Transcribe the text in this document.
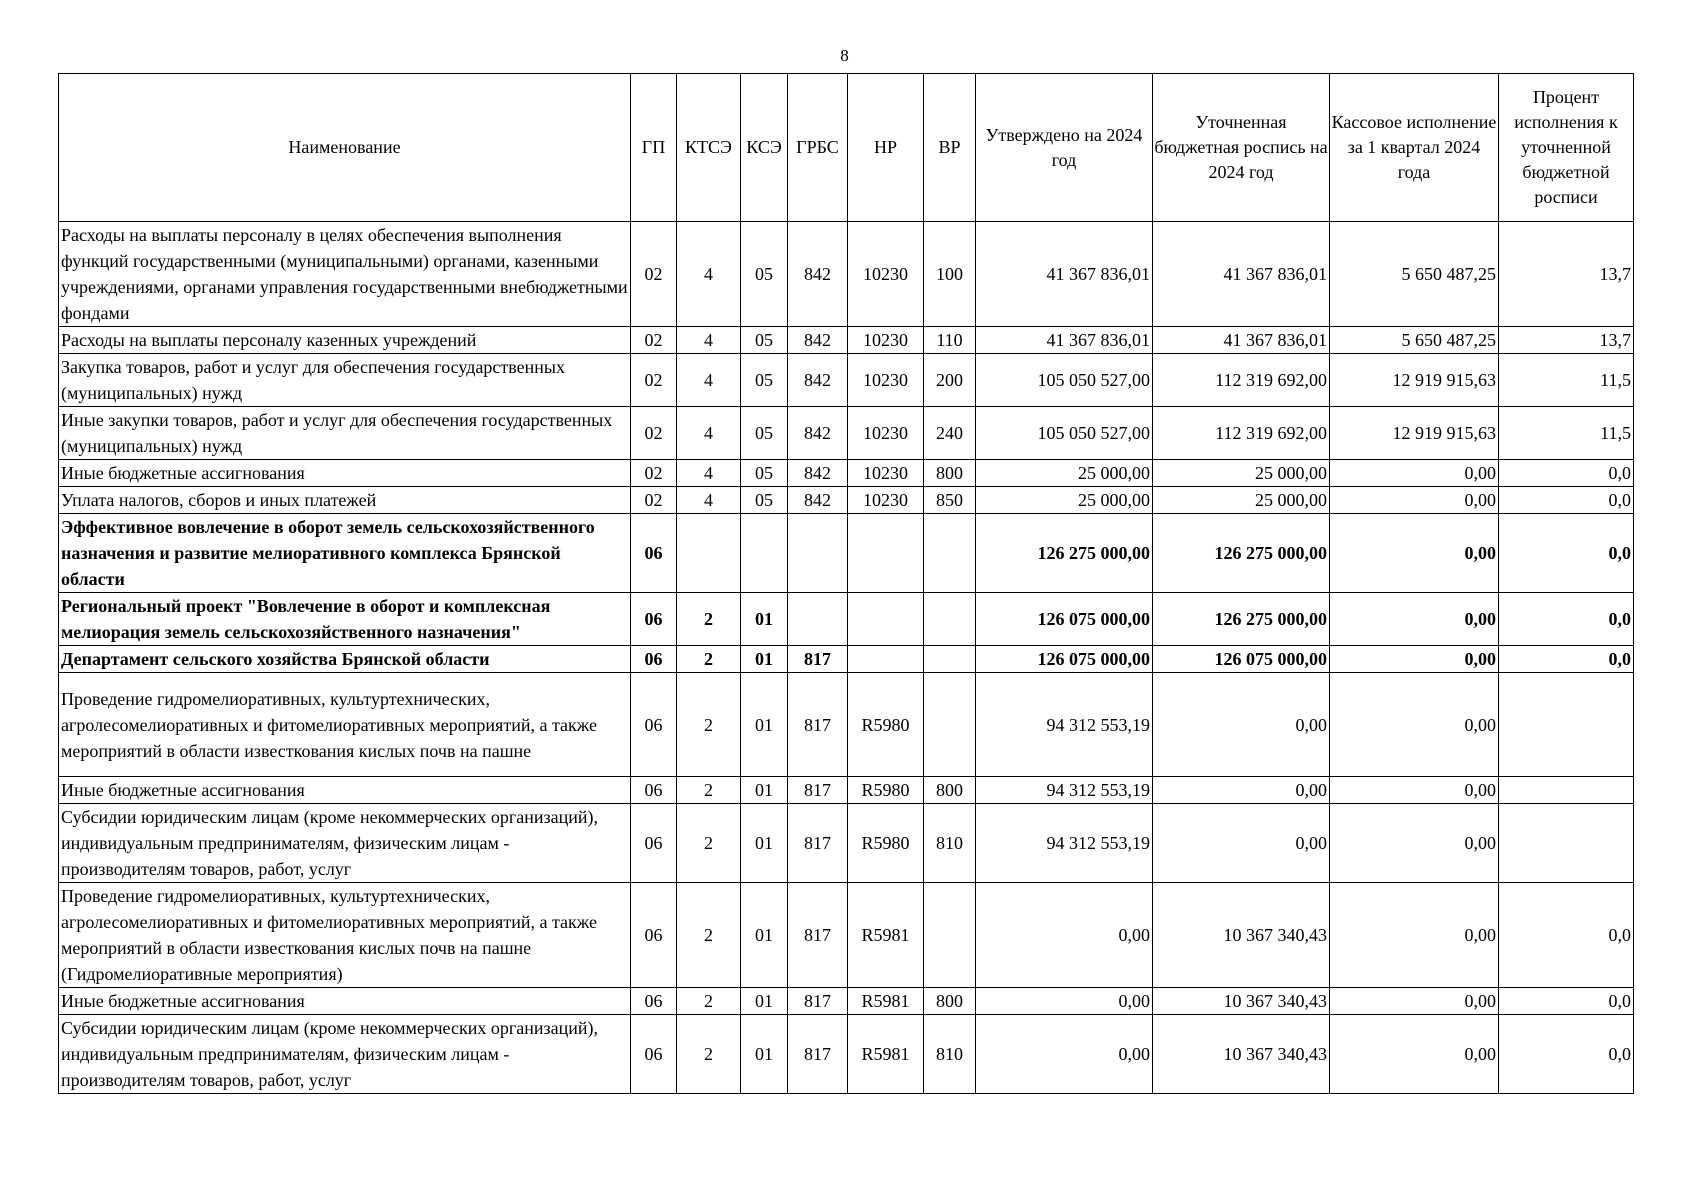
8
Наименование	ГП	КТСЭ	КСЭ	ГРБС	НР	ВР	Утверждено на 2024 год	Уточненная бюджетная роспись на 2024 год	Кассовое исполнение за 1 квартал 2024 года	Процент исполнения к уточненной бюджетной росписи
Расходы на выплаты персоналу в целях обеспечения выполнения функций государственными (муниципальными) органами, казенными учреждениями, органами управления государственными внебюджетными фондами	02	4	05	842	10230	100	41 367 836,01	41 367 836,01	5 650 487,25	13,7
Расходы на выплаты персоналу казенных учреждений	02	4	05	842	10230	110	41 367 836,01	41 367 836,01	5 650 487,25	13,7
Закупка товаров, работ и услуг для обеспечения государственных (муниципальных) нужд	02	4	05	842	10230	200	105 050 527,00	112 319 692,00	12 919 915,63	11,5
Иные закупки товаров, работ и услуг для обеспечения государственных (муниципальных) нужд	02	4	05	842	10230	240	105 050 527,00	112 319 692,00	12 919 915,63	11,5
Иные бюджетные ассигнования	02	4	05	842	10230	800	25 000,00	25 000,00	0,00	0,0
Уплата налогов, сборов и иных платежей	02	4	05	842	10230	850	25 000,00	25 000,00	0,00	0,0
Эффективное вовлечение в оборот земель сельскохозяйственного назначения и развитие мелиоративного комплекса Брянской области	06						126 275 000,00	126 275 000,00	0,00	0,0
Региональный проект "Вовлечение в оборот и комплексная мелиорация земель сельскохозяйственного назначения"	06	2	01				126 075 000,00	126 275 000,00	0,00	0,0
Департамент сельского хозяйства Брянской области	06	2	01	817			126 075 000,00	126 075 000,00	0,00	0,0
Проведение гидромелиоративных, культуртехнических, агролесомелиоративных и фитомелиоративных мероприятий, а также мероприятий в области известкования кислых почв на пашне	06	2	01	817	R5980		94 312 553,19	0,00	0,00	
Иные бюджетные ассигнования	06	2	01	817	R5980	800	94 312 553,19	0,00	0,00	
Субсидии юридическим лицам (кроме некоммерческих организаций), индивидуальным предпринимателям, физическим лицам - производителям товаров, работ, услуг	06	2	01	817	R5980	810	94 312 553,19	0,00	0,00	
Проведение гидромелиоративных, культуртехнических, агролесомелиоративных и фитомелиоративных мероприятий, а также мероприятий в области известкования кислых почв на пашне (Гидромелиоративные мероприятия)	06	2	01	817	R5981		0,00	10 367 340,43	0,00	0,0
Иные бюджетные ассигнования	06	2	01	817	R5981	800	0,00	10 367 340,43	0,00	0,0
Субсидии юридическим лицам (кроме некоммерческих организаций), индивидуальным предпринимателям, физическим лицам - производителям товаров, работ, услуг	06	2	01	817	R5981	810	0,00	10 367 340,43	0,00	0,0
